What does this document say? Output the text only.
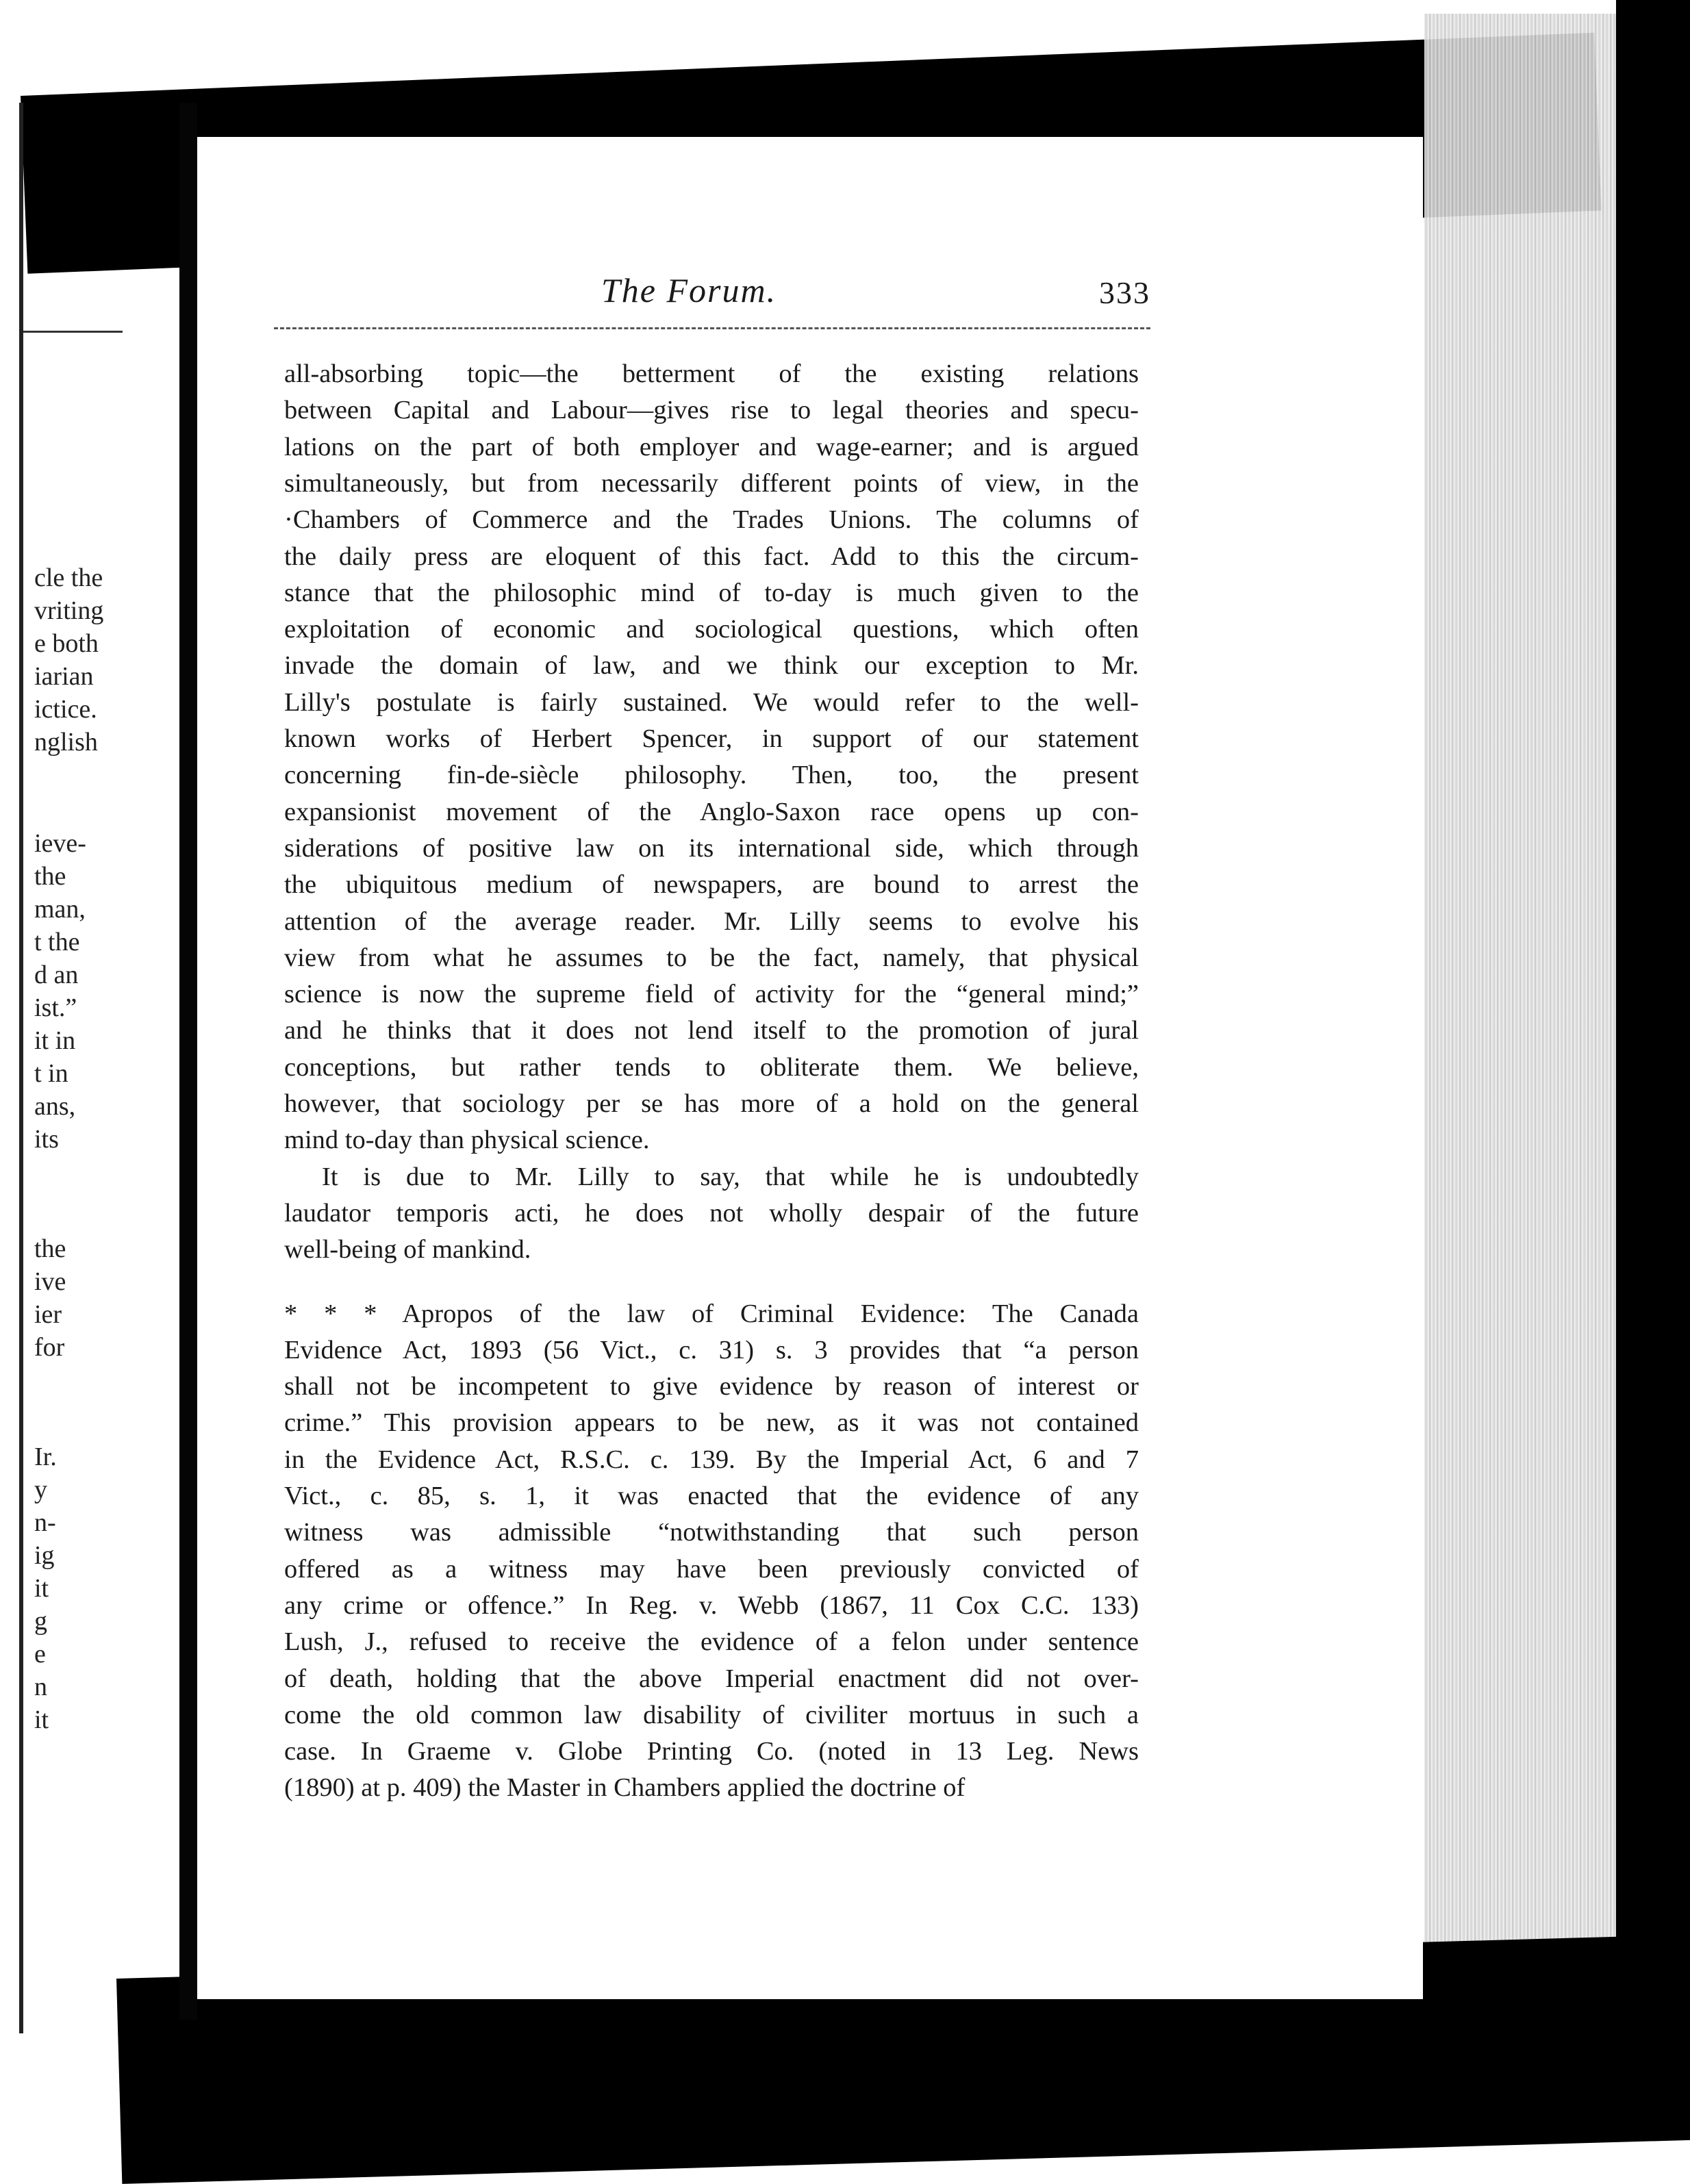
cle the
vriting
e both
iarian
ictice.
nglish
ieve-
the
man,
t the
d an
ist.”
it in
t in
ans,
its
the
ive
ier
for
Ir.
y
n-
ig
it
g
e
n
it
The Forum.	333
all-absorbing topic—the betterment of the existing relations
between Capital and Labour—gives rise to legal theories and specu-
lations on the part of both employer and wage-earner; and is argued
simultaneously, but from necessarily different points of view, in the
·Chambers of Commerce and the Trades Unions. The columns of
the daily press are eloquent of this fact. Add to this the circum-
stance that the philosophic mind of to-day is much given to the
exploitation of economic and sociological questions, which often
invade the domain of law, and we think our exception to Mr.
Lilly's postulate is fairly sustained. We would refer to the well-
known works of Herbert Spencer, in support of our statement
concerning fin-de-siècle philosophy. Then, too, the present
expansionist movement of the Anglo-Saxon race opens up con-
siderations of positive law on its international side, which through
the ubiquitous medium of newspapers, are bound to arrest the
attention of the average reader. Mr. Lilly seems to evolve his
view from what he assumes to be the fact, namely, that physical
science is now the supreme field of activity for the “general mind;”
and he thinks that it does not lend itself to the promotion of jural
conceptions, but rather tends to obliterate them. We believe,
however, that sociology per se has more of a hold on the general
mind to-day than physical science.
It is due to Mr. Lilly to say, that while he is undoubtedly
laudator temporis acti, he does not wholly despair of the future
well-being of mankind.
* * * Apropos of the law of Criminal Evidence: The Canada
Evidence Act, 1893 (56 Vict., c. 31) s. 3 provides that “a person
shall not be incompetent to give evidence by reason of interest or
crime.” This provision appears to be new, as it was not contained
in the Evidence Act, R.S.C. c. 139. By the Imperial Act, 6 and 7
Vict., c. 85, s. 1, it was enacted that the evidence of any
witness was admissible “notwithstanding that such person
offered as a witness may have been previously convicted of
any crime or offence.” In Reg. v. Webb (1867, 11 Cox C.C. 133)
Lush, J., refused to receive the evidence of a felon under sentence
of death, holding that the above Imperial enactment did not over-
come the old common law disability of civiliter mortuus in such a
case. In Graeme v. Globe Printing Co. (noted in 13 Leg. News
(1890) at p. 409) the Master in Chambers applied the doctrine of
